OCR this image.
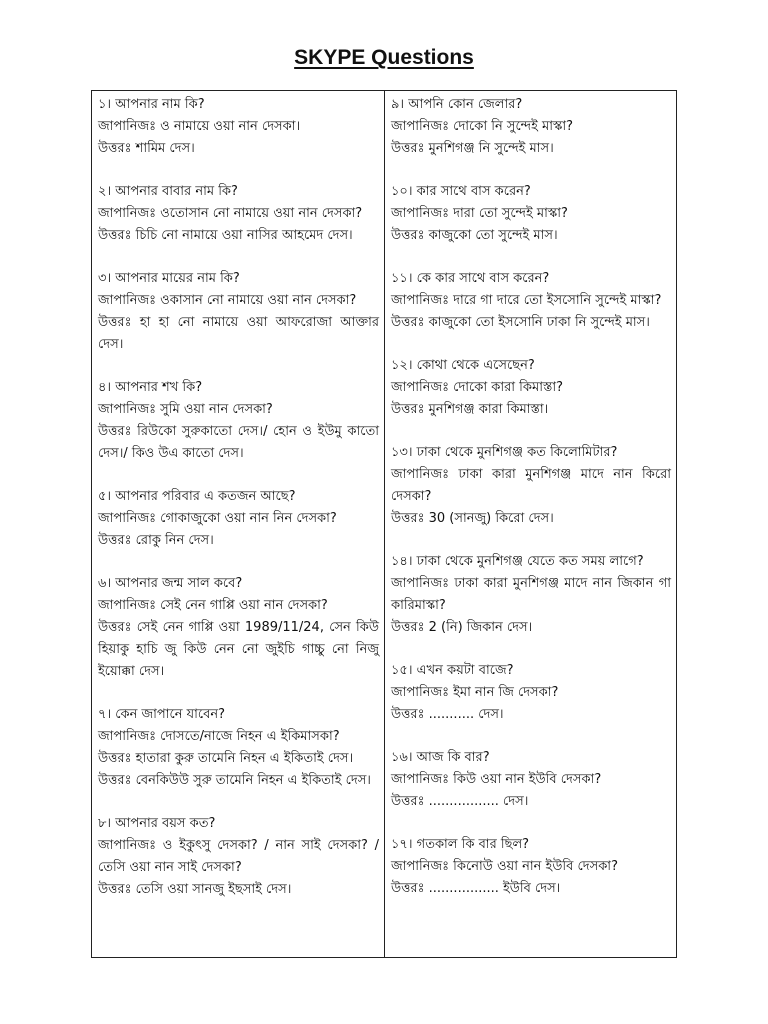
SKYPE Questions
১। আপনার নাম কি?
জাপানিজঃ ও নামায়ে ওয়া নান দেসকা।
উত্তরঃ শামিম দেস।
২। আপনার বাবার নাম কি?
জাপানিজঃ ওতোসান নো নামায়ে ওয়া নান দেসকা?
উত্তরঃ চিচি নো নামায়ে ওয়া নাসির আহমেদ দেস।
৩। আপনার মায়ের নাম কি?
জাপানিজঃ ওকাসান নো নামায়ে ওয়া নান দেসকা?
উত্তরঃ হা হা নো নামায়ে ওয়া আফরোজা আক্তার দেস।
৪। আপনার শখ কি?
জাপানিজঃ সুমি ওয়া নান দেসকা?
উত্তরঃ রিউকো সুরুকাতো দেস।/ হোন ও ইউমু কাতো দেস।/ কিও উএ কাতো দেস।
৫। আপনার পরিবার এ কতজন আছে?
জাপানিজঃ গোকাজুকো ওয়া নান নিন দেসকা?
উত্তরঃ রোকু নিন দেস।
৬। আপনার জন্ম সাল কবে?
জাপানিজঃ সেই নেন গাপ্পি ওয়া নান দেসকা?
উত্তরঃ সেই নেন গাপ্পি ওয়া 1989/11/24, সেন কিউ হিয়াকু হাচি জু কিউ নেন নো জুইচি গাচ্চু নো নিজু ইয়োক্কা দেস।
৭। কেন জাপানে যাবেন?
জাপানিজঃ দোসতে/নাজে নিহন এ ইকিমাসকা?
উত্তরঃ হাতারা কুরু তামেনি নিহন এ ইকিতাই দেস।
উত্তরঃ বেনকিউউ সুরু তামেনি নিহন এ ইকিতাই দেস।
৮। আপনার বয়স কত?
জাপানিজঃ ও ইকুৎসু দেসকা? / নান সাই দেসকা? / তেসি ওয়া নান সাই দেসকা?
উত্তরঃ তেসি ওয়া সানজু ইছসাই দেস।
৯। আপনি কোন জেলার?
জাপানিজঃ দোকো নি সুন্দেই মাস্কা?
উত্তরঃ মুনশিগঞ্জ নি সুন্দেই মাস।
১০। কার সাথে বাস করেন?
জাপানিজঃ দারা তো সুন্দেই মাস্কা?
উত্তরঃ কাজুকো তো সুন্দেই মাস।
১১। কে কার সাথে বাস করেন?
জাপানিজঃ দারে গা দারে তো ইসসোনি সুন্দেই মাস্কা?
উত্তরঃ কাজুকো তো ইসসোনি ঢাকা নি সুন্দেই মাস।
১২। কোথা থেকে এসেছেন?
জাপানিজঃ দোকো কারা কিমাস্তা?
উত্তরঃ মুনশিগঞ্জ কারা কিমাস্তা।
১৩। ঢাকা থেকে মুনশিগঞ্জ কত কিলোমিটার?
জাপানিজঃ ঢাকা কারা মুনশিগঞ্জ মাদে নান কিরো দেসকা?
উত্তরঃ 30 (সানজু) কিরো দেস।
১৪। ঢাকা থেকে মুনশিগঞ্জ যেতে কত সময় লাগে?
জাপানিজঃ ঢাকা কারা মুনশিগঞ্জ মাদে নান জিকান গা কারিমাস্কা?
উত্তরঃ 2 (নি) জিকান দেস।
১৫। এখন কয়টা বাজে?
জাপানিজঃ ইমা নান জি দেসকা?
উত্তরঃ ........... দেস।
১৬। আজ কি বার?
জাপানিজঃ কিউ ওয়া নান ইউবি দেসকা?
উত্তরঃ ................. দেস।
১৭। গতকাল কি বার ছিল?
জাপানিজঃ কিনোউ ওয়া নান ইউবি দেসকা?
উত্তরঃ ................. ইউবি দেস।
